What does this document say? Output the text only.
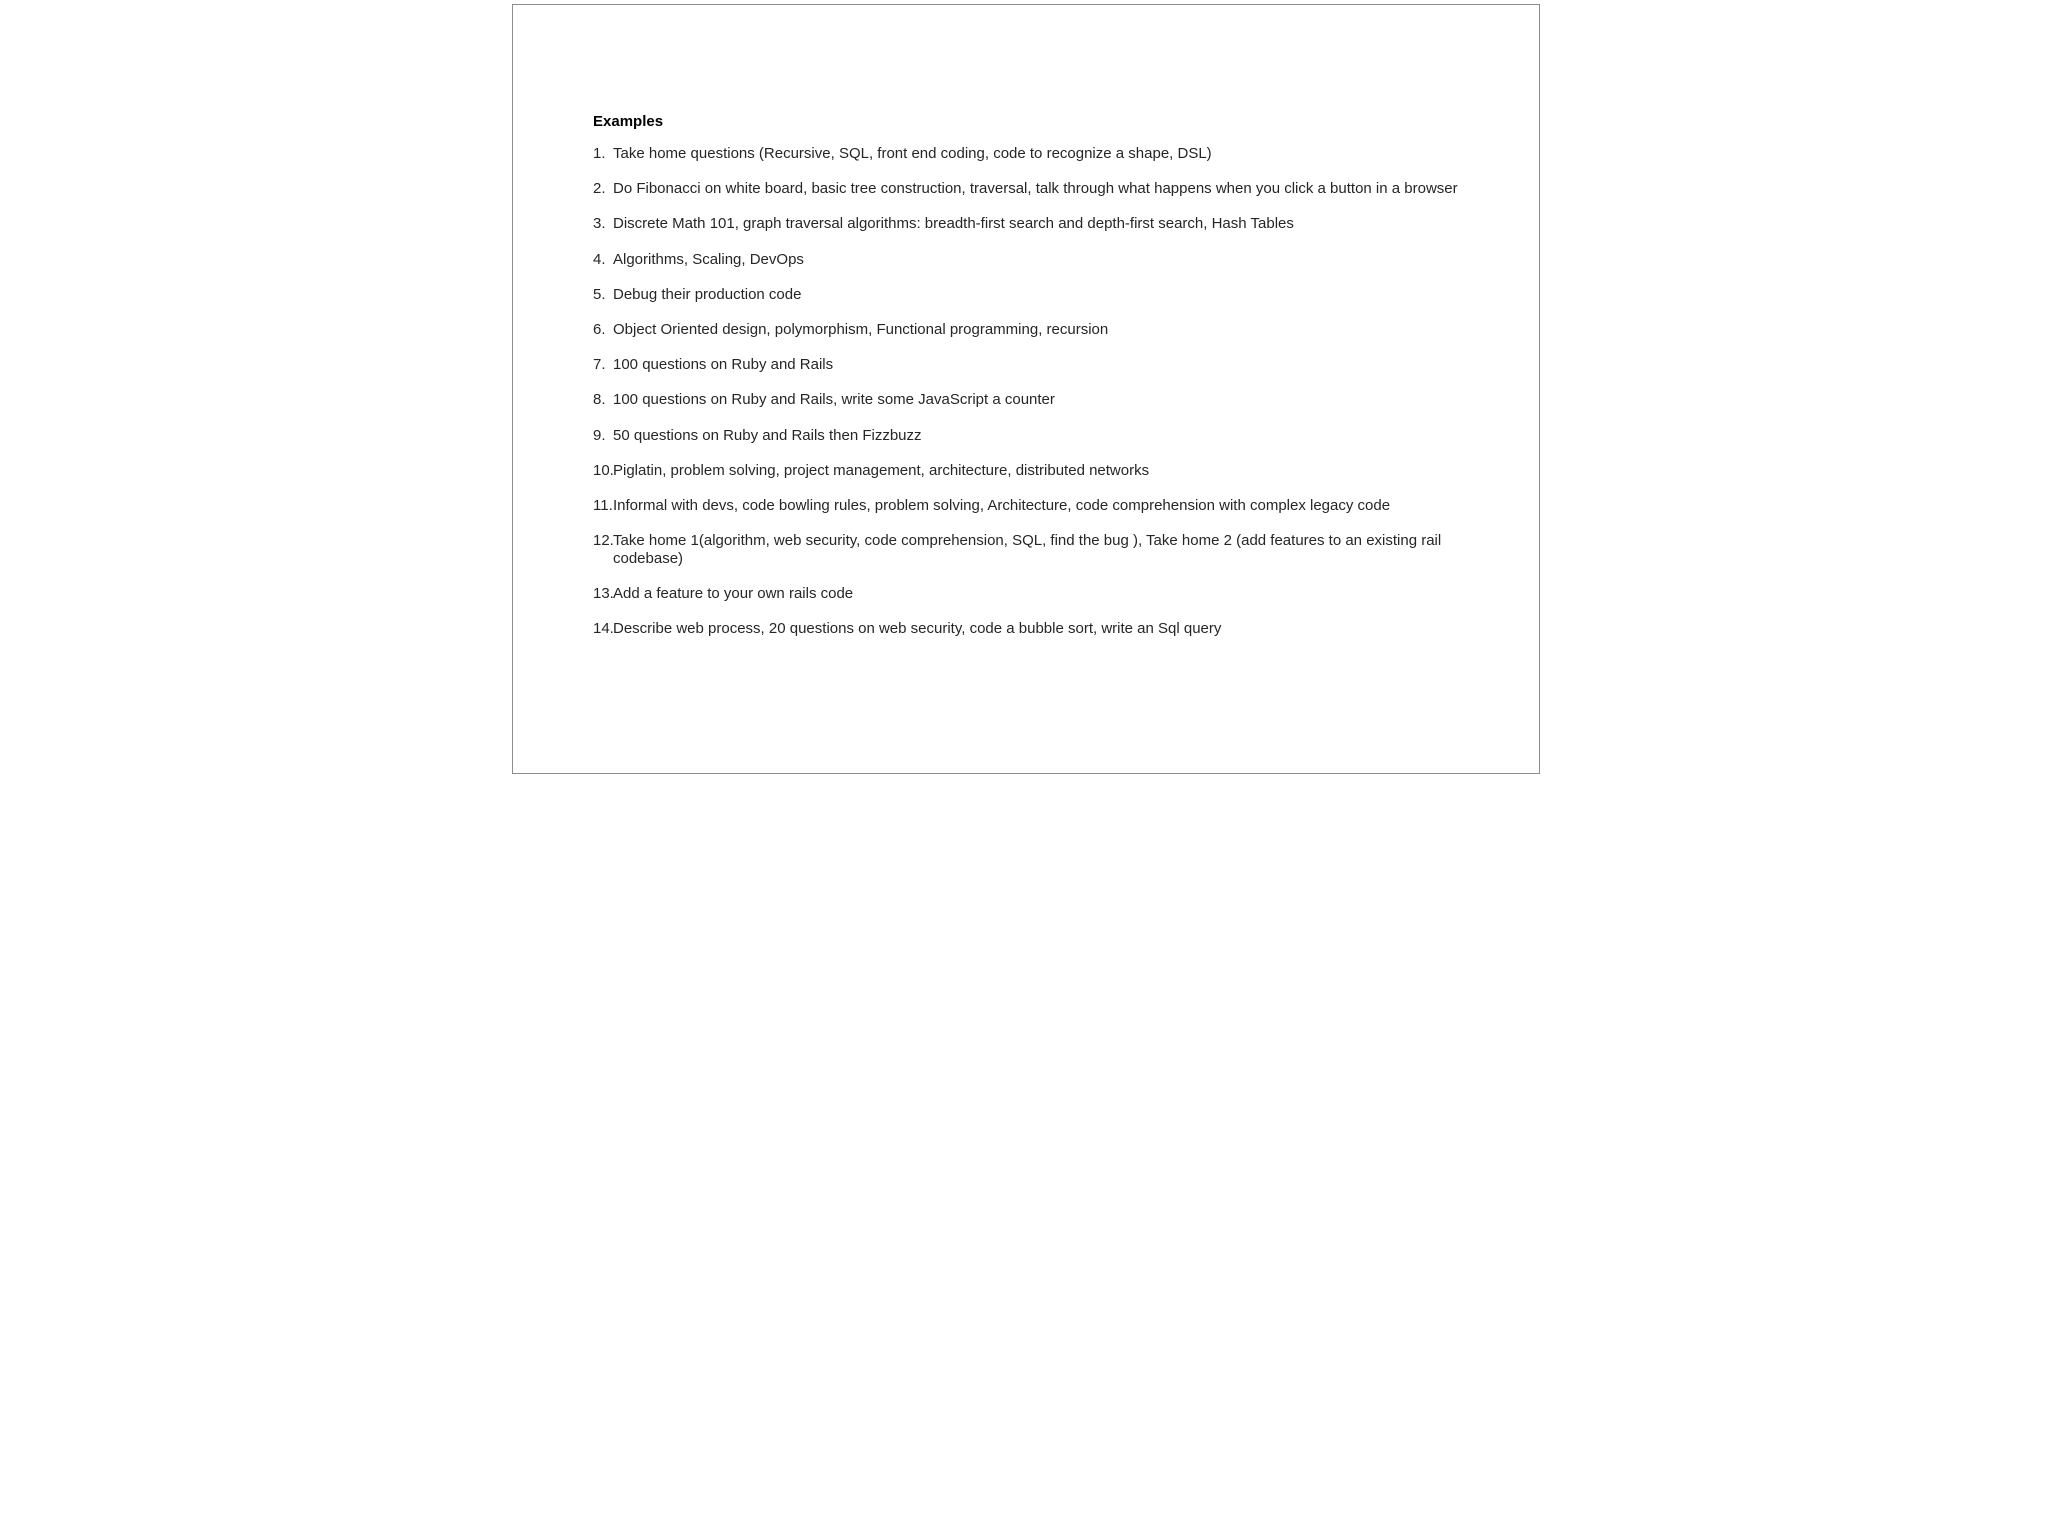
Examples
1. Take home questions (Recursive, SQL, front end coding, code to recognize a shape, DSL)
2. Do Fibonacci on white board, basic tree construction, traversal, talk through what happens when you click a button in a browser
3. Discrete Math 101, graph traversal algorithms: breadth-first search and depth-first search, Hash Tables
4. Algorithms, Scaling, DevOps
5. Debug their production code
6. Object Oriented design, polymorphism, Functional programming, recursion
7. 100 questions on Ruby and Rails
8. 100 questions on Ruby and Rails, write some JavaScript a counter
9. 50 questions on Ruby and Rails then Fizzbuzz
10. Piglatin, problem solving, project management, architecture, distributed networks
11. Informal with devs, code bowling rules, problem solving, Architecture, code comprehension with complex legacy code
12. Take home 1(algorithm, web security, code comprehension, SQL, find the bug ), Take home 2 (add features to an existing rail codebase)
13. Add a feature to your own rails code
14. Describe web process, 20 questions on web security, code a bubble sort, write an Sql query
